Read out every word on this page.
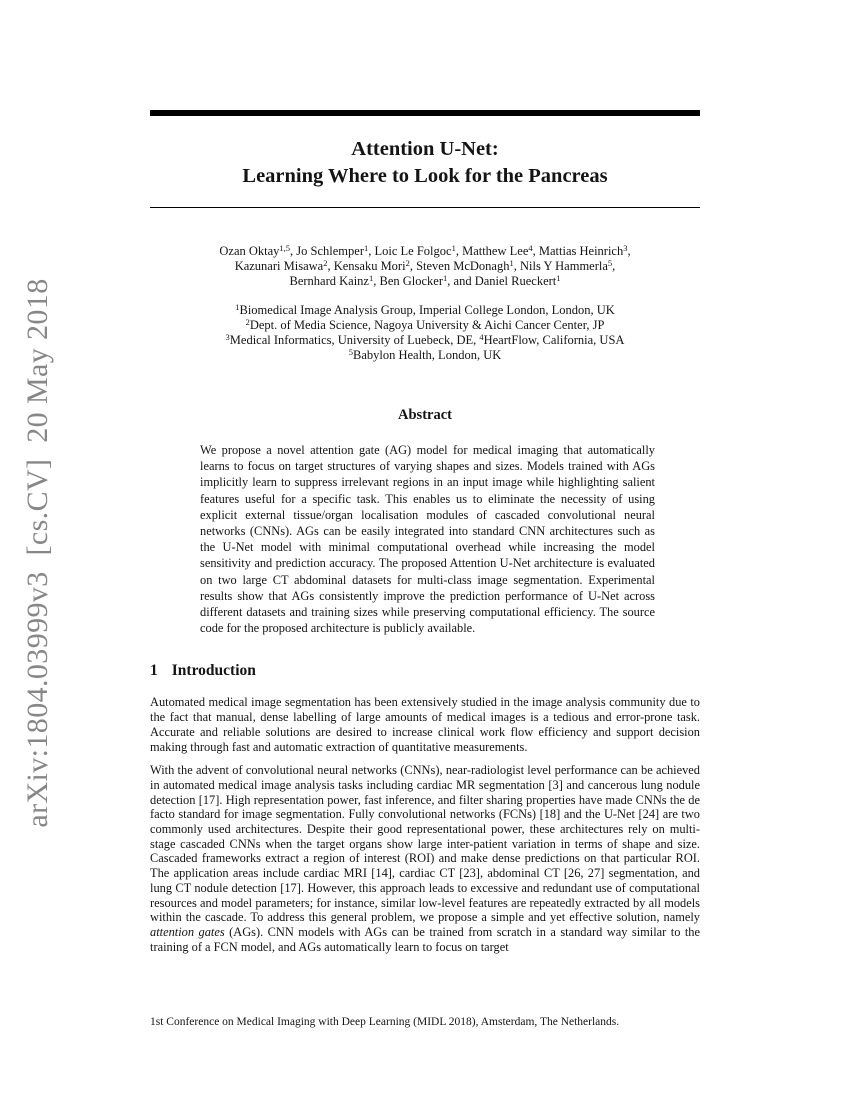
arXiv:1804.03999v3  [cs.CV]  20 May 2018
Attention U-Net:
Learning Where to Look for the Pancreas
Ozan Oktay$^{1,5}$, Jo Schlemper$^1$, Loic Le Folgoc$^1$, Matthew Lee$^4$, Mattias Heinrich$^3$,
Kazunari Misawa$^2$, Kensaku Mori$^2$, Steven McDonagh$^1$, Nils Y Hammerla$^5$,
Bernhard Kainz$^1$, Ben Glocker$^1$, and Daniel Rueckert$^1$
$^1$Biomedical Image Analysis Group, Imperial College London, London, UK
$^2$Dept. of Media Science, Nagoya University & Aichi Cancer Center, JP
$^3$Medical Informatics, University of Luebeck, DE, $^4$HeartFlow, California, USA
$^5$Babylon Health, London, UK
Abstract

We propose a novel attention gate (AG) model for medical imaging that automatically learns to focus on target structures of varying shapes and sizes. Models trained with AGs implicitly learn to suppress irrelevant regions in an input image while highlighting salient features useful for a specific task. This enables us to eliminate the necessity of using explicit external tissue/organ localisation modules of cascaded convolutional neural networks (CNNs). AGs can be easily integrated into standard CNN architectures such as the U-Net model with minimal computational overhead while increasing the model sensitivity and prediction accuracy. The proposed Attention U-Net architecture is evaluated on two large CT abdominal datasets for multi-class image segmentation. Experimental results show that AGs consistently improve the prediction performance of U-Net across different datasets and training sizes while preserving computational efficiency. The source code for the proposed architecture is publicly available.

1 Introduction

Automated medical image segmentation has been extensively studied in the image analysis community due to the fact that manual, dense labelling of large amounts of medical images is a tedious and error-prone task. Accurate and reliable solutions are desired to increase clinical work flow efficiency and support decision making through fast and automatic extraction of quantitative measurements.

With the advent of convolutional neural networks (CNNs), near-radiologist level performance can be achieved in automated medical image analysis tasks including cardiac MR segmentation [3] and cancerous lung nodule detection [17]. High representation power, fast inference, and filter sharing properties have made CNNs the de facto standard for image segmentation. Fully convolutional networks (FCNs) [18] and the U-Net [24] are two commonly used architectures. Despite their good representational power, these architectures rely on multi-stage cascaded CNNs when the target organs show large inter-patient variation in terms of shape and size. Cascaded frameworks extract a region of interest (ROI) and make dense predictions on that particular ROI. The application areas include cardiac MRI [14], cardiac CT [23], abdominal CT [26, 27] segmentation, and lung CT nodule detection [17]. However, this approach leads to excessive and redundant use of computational resources and model parameters; for instance, similar low-level features are repeatedly extracted by all models within the cascade. To address this general problem, we propose a simple and yet effective solution, namely attention gates (AGs). CNN models with AGs can be trained from scratch in a standard way similar to the training of a FCN model, and AGs automatically learn to focus on target

1st Conference on Medical Imaging with Deep Learning (MIDL 2018), Amsterdam, The Netherlands.
